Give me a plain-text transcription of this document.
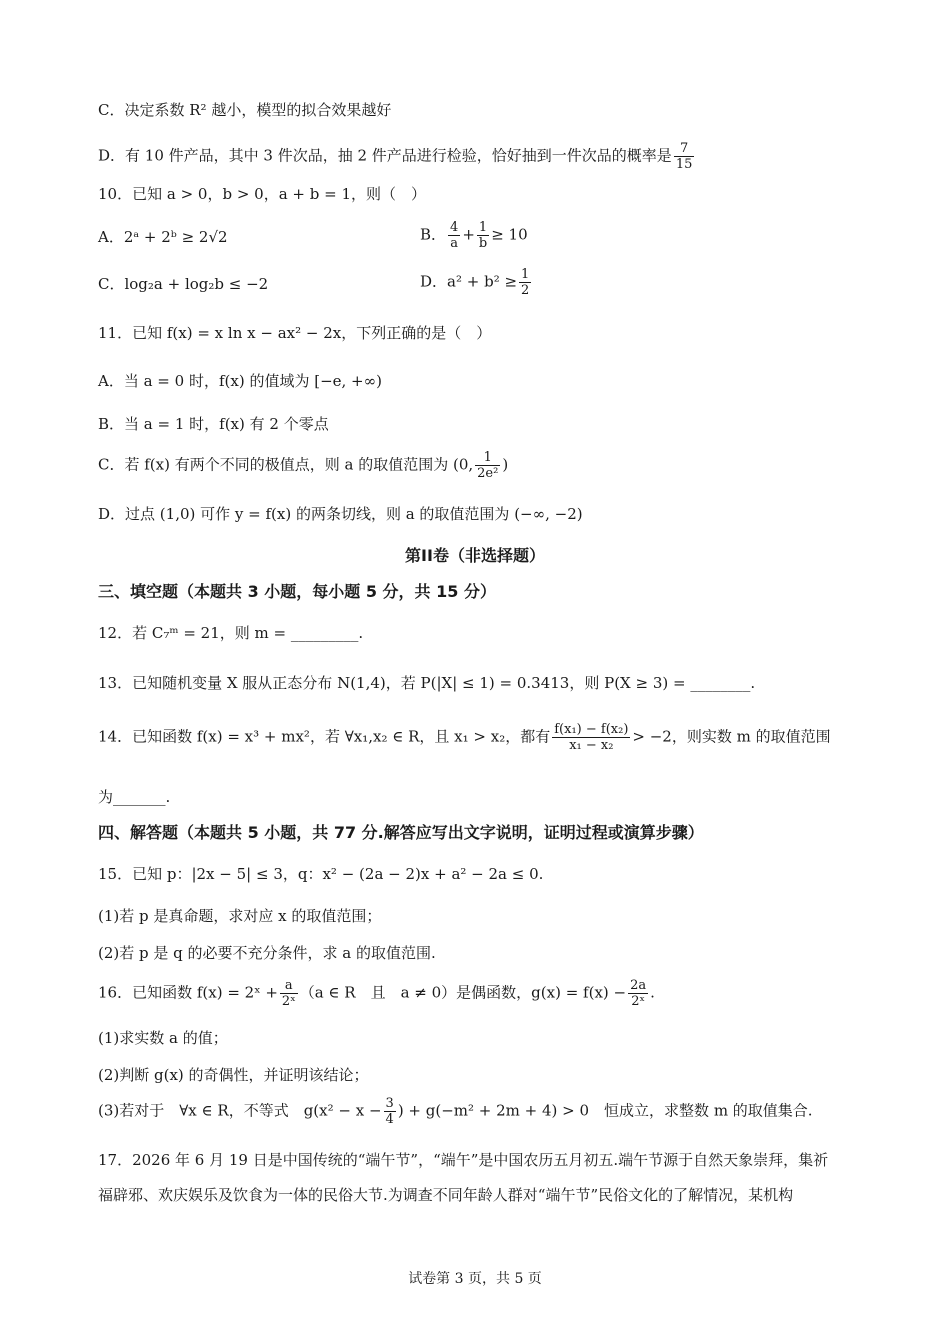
C．决定系数 R² 越小，模型的拟合效果越好
D．有 10 件产品，其中 3 件次品，抽 2 件产品进行检验，恰好抽到一件次品的概率是 $\frac{7}{15}$
10．已知 a > 0，b > 0，a + b = 1，则（　）
A．2ᵃ + 2ᵇ ≥ 2√2	B． $\frac{4}{a} + \frac{1}{b} \ge 10$
C．log₂a + log₂b ≤ −2	D．$a^2 + b^2 \ge \frac{1}{2}$
11．已知 f(x) = x ln x − ax² − 2x，下列正确的是（　）
A．当 a = 0 时，f(x) 的值域为 [−e, +∞)
B．当 a = 1 时，f(x) 有 2 个零点
C．若 f(x) 有两个不同的极值点，则 a 的取值范围为 (0, $\frac{1}{\text{2e²}}$ )
D．过点 (1,0) 可作 y = f(x) 的两条切线，则 a 的取值范围为 (−∞, −2)
第II卷（非选择题）
三、填空题（本题共 3 小题，每小题 5 分，共 15 分）
12．若 C₇ᵐ = 21，则 m = _________.
13．已知随机变量 X 服从正态分布 N(1,4)，若 P(|X| ≤ 1) = 0.3413，则 P(X ≥ 3) = ________.
14．已知函数 f(x) = x³ + mx²，若 ∀x₁,x₂ ∈ R，且 x₁ > x₂，都有 $\frac{\text{f(x₁) − f(x₂)}}{\text{x₁ − x₂}} > -2$，则实数 m 的取值范围
为_______.
四、解答题（本题共 5 小题，共 77 分.解答应写出文字说明，证明过程或演算步骤）
15．已知 p：|2x − 5| ≤ 3，q：x² − (2a − 2)x + a² − 2a ≤ 0.
(1)若 p 是真命题，求对应 x 的取值范围；
(2)若 p 是 q 的必要不充分条件，求 a 的取值范围.
16．已知函数 f(x) = 2ˣ + $\frac{a}{\text{2ˣ}} (a$ ∈ R　且　a ≠ 0）是偶函数，$g(x) = f(x) - \frac{2a}{\text{2ˣ}}$ .
(1)求实数 a 的值；
(2)判断 g(x) 的奇偶性，并证明该结论；
(3)若对于　∀x ∈ R，不等式　$g(x^2 - x - \frac{3}{4}$ ) + g(−m² + 2m + 4) > 0　恒成立，求整数 m 的取值集合.
17．2026 年 6 月 19 日是中国传统的“端午节”，“端午”是中国农历五月初五.端午节源于自然天象崇拜，集祈
福辟邪、欢庆娱乐及饮食为一体的民俗大节.为调查不同年龄人群对“端午节”民俗文化的了解情况，某机构
试卷第 3 页，共 5 页
